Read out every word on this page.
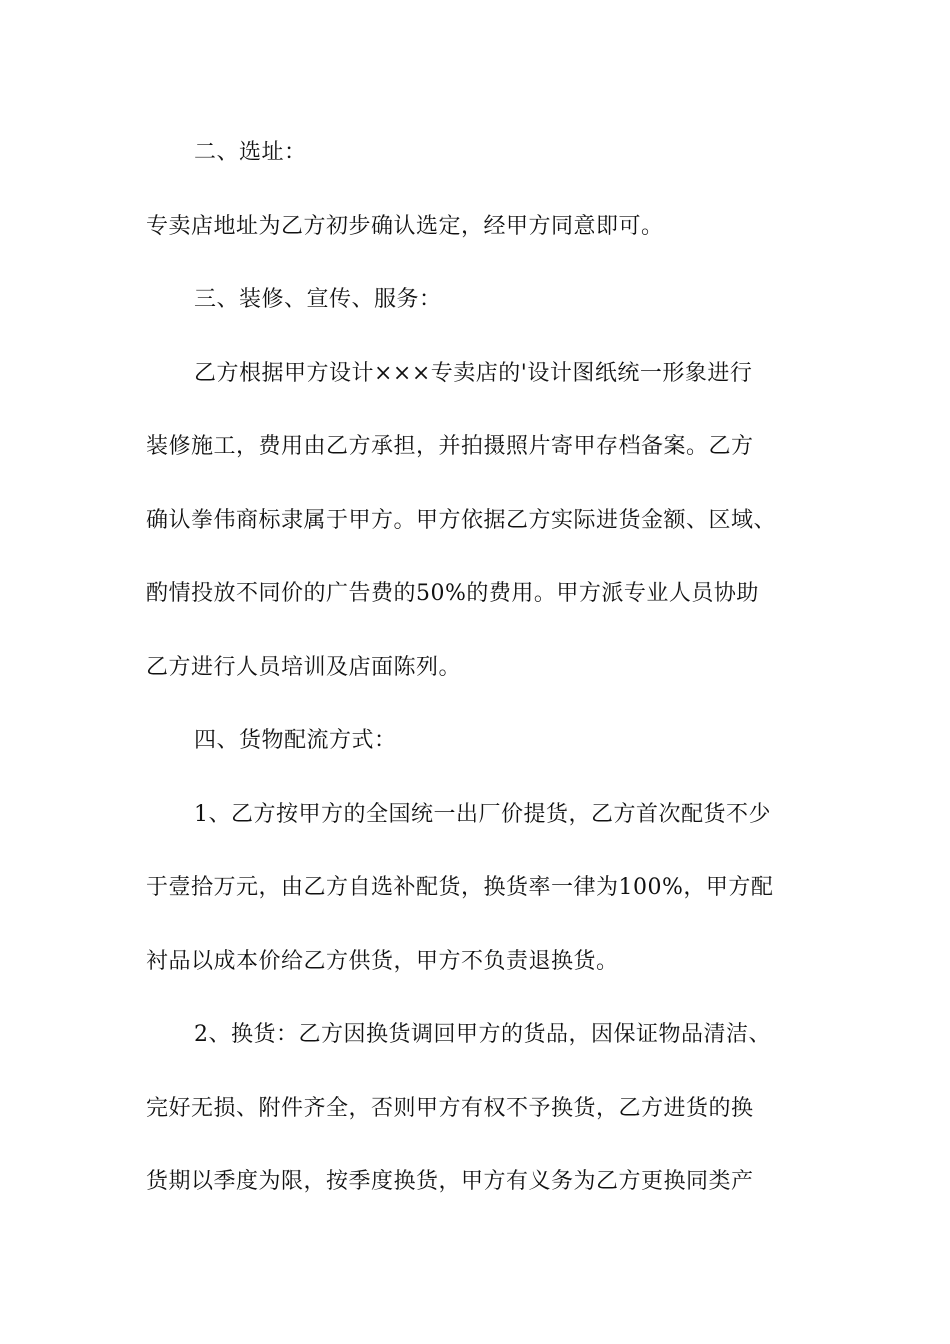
二、选址：

专卖店地址为乙方初步确认选定，经甲方同意即可。

三、装修、宣传、服务：

乙方根据甲方设计×××专卖店的'设计图纸统一形象进行

装修施工，费用由乙方承担，并拍摄照片寄甲存档备案。乙方

确认拳伟商标隶属于甲方。甲方依据乙方实际进货金额、区域、

酌情投放不同价的广告费的50%的费用。甲方派专业人员协助

乙方进行人员培训及店面陈列。

四、货物配流方式：

1、乙方按甲方的全国统一出厂价提货，乙方首次配货不少

于壹拾万元，由乙方自选补配货，换货率一律为100%，甲方配

衬品以成本价给乙方供货，甲方不负责退换货。

2、换货：乙方因换货调回甲方的货品，因保证物品清洁、

完好无损、附件齐全，否则甲方有权不予换货，乙方进货的换

货期以季度为限，按季度换货，甲方有义务为乙方更换同类产
